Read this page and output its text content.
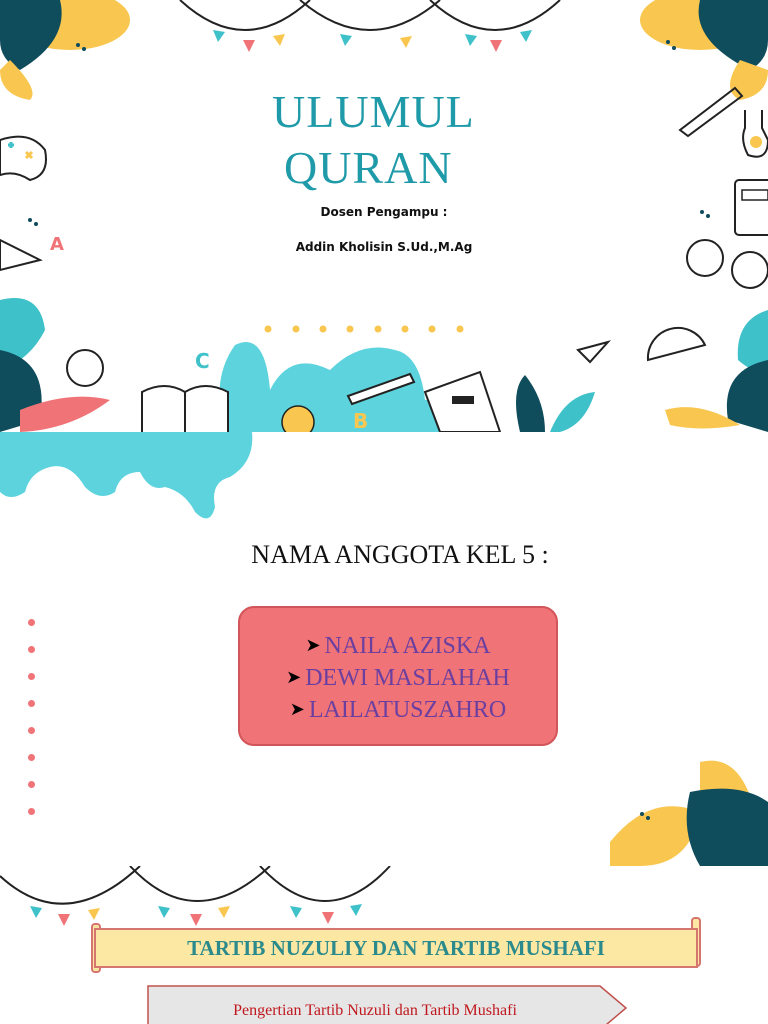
A
C
B
ULUMUL
QURAN
Dosen Pengampu :
Addin Kholisin S.Ud.,M.Ag
NAMA ANGGOTA KEL 5 :
➤ NAILA AZISKA
➤ DEWI MASLAHAH
➤ LAILATUSZAHRO
TARTIB NUZULIY DAN TARTIB MUSHAFI
Pengertian Tartib Nuzuli dan Tartib Mushafi
